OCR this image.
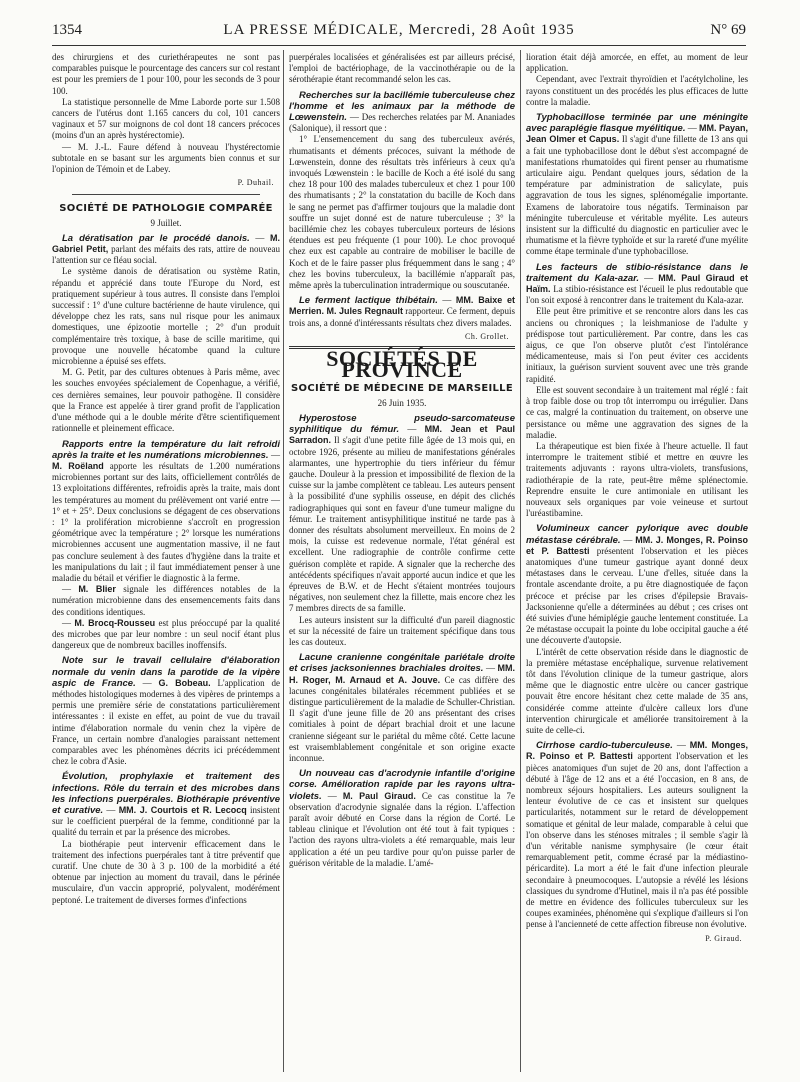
1354	LA PRESSE MÉDICALE, Mercredi, 28 Août 1935	N° 69

des chirurgiens et des curiethérapeutes ne sont pas comparables puisque le pourcentage des cancers sur col restant est pour les premiers de 1 pour 100, pour les seconds de 3 pour 100.

La statistique personnelle de Mme Laborde porte sur 1.508 cancers de l'utérus dont 1.165 cancers du col, 101 cancers vaginaux et 57 sur moignons de col dont 18 cancers précoces (moins d'un an après hystérectomie).

— M. J.-L. Faure défend à nouveau l'hystérectomie subtotale en se basant sur les arguments bien connus et sur l'opinion de Témoin et de Labey.

P. Duhail.
SOCIÉTÉ DE PATHOLOGIE COMPARÉE
9 Juillet.

La dératisation par le procédé danois. — M. Gabriel Petit, parlant des méfaits des rats, attire de nouveau l'attention sur ce fléau social.

Le système danois de dératisation ou système Ratin, répandu et apprécié dans toute l'Europe du Nord, est pratiquement supérieur à tous autres. Il consiste dans l'emploi successif : 1° d'une culture bactérienne de haute virulence, qui développe chez les rats, sans nul risque pour les animaux domestiques, une épizootie mortelle ; 2° d'un produit complémentaire très toxique, à base de scille maritime, qui provoque une nouvelle hécatombe quand la culture microbienne a épuisé ses effets.

M. G. Petit, par des cultures obtenues à Paris même, avec les souches envoyées spécialement de Copenhague, a vérifié, ces dernières semaines, leur pouvoir pathogène. Il considère que la France est appelée à tirer grand profit de l'application d'une méthode qui a le double mérite d'être scientifiquement rationnelle et pleinement efficace.

Rapports entre la température du lait refroidi après la traite et les numérations microbiennes. — M. Roëland apporte les résultats de 1.200 numérations microbiennes portant sur des laits, officiellement contrôlés de 13 exploitations différentes, refroidis après la traite, mais dont les températures au moment du prélèvement ont varié entre — 1° et + 25°. Deux conclusions se dégagent de ces observations : 1° la prolifération microbienne s'accroît en progression géométrique avec la température ; 2° lorsque les numérations microbiennes accusent une augmentation massive, il ne faut pas conclure seulement à des fautes d'hygiène dans la traite et les manipulations du lait ; il faut immédiatement penser à une maladie du bétail et vérifier le diagnostic à la ferme.

— M. Blier signale les différences notables de la numération microbienne dans des ensemencements faits dans des conditions identiques.

— M. Brocq-Rousseu est plus préoccupé par la qualité des microbes que par leur nombre : un seul nocif étant plus dangereux que de nombreux bacilles inoffensifs.

Note sur le travail cellulaire d'élaboration normale du venin dans la parotide de la vipère aspic de France. — G. Bobeau. L'application de méthodes histologiques modernes à des vipères de printemps a permis une première série de constatations particulièrement intéressantes : il existe en effet, au point de vue du travail intime d'élaboration normale du venin chez la vipère de France, un certain nombre d'analogies paraissant nettement comparables avec les phénomènes décrits ici précédemment chez le cobra d'Asie.

Évolution, prophylaxie et traitement des infections. Rôle du terrain et des microbes dans les infections puerpérales. Biothérapie préventive et curative. — MM. J. Courtois et R. Lecocq insistent sur le coefficient puerpéral de la femme, conditionné par la qualité du terrain et par la présence des microbes.

La biothérapie peut intervenir efficacement dans le traitement des infections puerpérales tant à titre préventif que curatif. Une chute de 30 à 3 p. 100 de la morbidité a été obtenue par injection au moment du travail, dans le périnée musculaire, d'un vaccin approprié, polyvalent, modérément peptoné. Le traitement de diverses formes d'infections

puerpérales localisées et généralisées est par ailleurs précisé, l'emploi de bactériophage, de la vaccinothérapie ou de la sérothérapie étant recommandé selon les cas.

Recherches sur la bacillémie tuberculeuse chez l'homme et les animaux par la méthode de Lœwenstein. — Des recherches relatées par M. Ananiades (Salonique), il ressort que :

1° L'ensemencement du sang des tuberculeux avérés, rhumatisants et déments précoces, suivant la méthode de Lœwenstein, donne des résultats très inférieurs à ceux qu'a invoqués Lœwenstein : le bacille de Koch a été isolé du sang chez 18 pour 100 des malades tuberculeux et chez 1 pour 100 des rhumatisants ; 2° la constatation du bacille de Koch dans le sang ne permet pas d'affirmer toujours que la maladie dont souffre un sujet donné est de nature tuberculeuse ; 3° la bacillémie chez les cobayes tuberculeux porteurs de lésions étendues est peu fréquente (1 pour 100). Le choc provoqué chez eux est capable au contraire de mobiliser le bacille de Koch et de le faire passer plus fréquemment dans le sang ; 4° chez les bovins tuberculeux, la bacillémie n'apparaît pas, même après la tuberculination intradermique ou souscutanée.

Le ferment lactique thibétain. — MM. Baixe et Merrien. M. Jules Regnault rapporteur. Ce ferment, depuis trois ans, a donné d'intéressants résultats chez divers malades.

Ch. Grollet.
SOCIÉTÉS DE PROVINCE
SOCIÉTÉ DE MÉDECINE DE MARSEILLE
26 Juin 1935.

Hyperostose pseudo-sarcomateuse syphilitique du fémur. — MM. Jean et Paul Sarradon. Il s'agit d'une petite fille âgée de 13 mois qui, en octobre 1926, présente au milieu de manifestations générales alarmantes, une hypertrophie du tiers inférieur du fémur gauche. Douleur à la pression et impossibilité de flexion de la cuisse sur la jambe complètent ce tableau. Les auteurs pensent à la possibilité d'une syphilis osseuse, en dépit des clichés radiographiques qui sont en faveur d'une tumeur maligne du fémur. Le traitement antisyphilitique institué ne tarde pas à donner des résultats absolument merveilleux. En moins de 2 mois, la cuisse est redevenue normale, l'état général est excellent. Une radiographie de contrôle confirme cette guérison complète et rapide. A signaler que la recherche des antécédents spécifiques n'avait apporté aucun indice et que les épreuves de B.W. et de Hecht s'étaient montrées toujours négatives, non seulement chez la fillette, mais encore chez les 7 membres directs de sa famille.

Les auteurs insistent sur la difficulté d'un pareil diagnostic et sur la nécessité de faire un traitement spécifique dans tous les cas douteux.

Lacune cranienne congénitale pariétale droite et crises jacksoniennes brachiales droites. — MM. H. Roger, M. Arnaud et A. Jouve. Ce cas diffère des lacunes congénitales bilatérales récemment publiées et se distingue particulièrement de la maladie de Schuller-Christian. Il s'agit d'une jeune fille de 20 ans présentant des crises comitiales à point de départ brachial droit et une lacune cranienne siégeant sur le pariétal du même côté. Cette lacune est vraisemblablement congénitale et son origine exacte inconnue.

Un nouveau cas d'acrodynie infantile d'origine corse. Amélioration rapide par les rayons ultra-violets. — M. Paul Giraud. Ce cas constitue la 7e observation d'acrodynie signalée dans la région. L'affection paraît avoir débuté en Corse dans la région de Corté. Le tableau clinique et l'évolution ont été tout à fait typiques : l'action des rayons ultra-violets a été remarquable, mais leur application a été un peu tardive pour qu'on puisse parler de guérison véritable de la maladie. L'amé-

lioration était déjà amorcée, en effet, au moment de leur application.

Cependant, avec l'extrait thyroïdien et l'acétylcholine, les rayons constituent un des procédés les plus efficaces de lutte contre la maladie.

Typhobacillose terminée par une méningite avec paraplégie flasque myélitique. — MM. Payan, Jean Olmer et Capus. Il s'agit d'une fillette de 13 ans qui a fait une typhobacillose dont le début s'est accompagné de manifestations rhumatoïdes qui firent penser au rhumatisme articulaire aigu. Pendant quelques jours, sédation de la température par administration de salicylate, puis aggravation de tous les signes, splénomégalie importante. Examens de laboratoire tous négatifs. Terminaison par méningite tuberculeuse et véritable myélite. Les auteurs insistent sur la difficulté du diagnostic en particulier avec le rhumatisme et la fièvre typhoïde et sur la rareté d'une myélite comme étape terminale d'une typhobacillose.

Les facteurs de stibio-résistance dans le traitement du Kala-azar. — MM. Paul Giraud et Haïm. La stibio-résistance est l'écueil le plus redoutable que l'on soit exposé à rencontrer dans le traitement du Kala-azar.

Elle peut être primitive et se rencontre alors dans les cas anciens ou chroniques ; la leishmaniose de l'adulte y prédispose tout particulièrement. Par contre, dans les cas aigus, ce que l'on observe plutôt c'est l'intolérance médicamenteuse, mais si l'on peut éviter ces accidents initiaux, la guérison survient souvent avec une très grande rapidité.

Elle est souvent secondaire à un traitement mal réglé : fait à trop faible dose ou trop tôt interrompu ou irrégulier. Dans ce cas, malgré la continuation du traitement, on observe une persistance ou même une aggravation des signes de la maladie.

La thérapeutique est bien fixée à l'heure actuelle. Il faut interrompre le traitement stibié et mettre en œuvre les traitements adjuvants : rayons ultra-violets, transfusions, radiothérapie de la rate, peut-être même splénectomie. Reprendre ensuite le cure antimoniale en utilisant les nouveaux sels organiques par voie veineuse et surtout l'uréastibamine.

Volumineux cancer pylorique avec double métastase cérébrale. — MM. J. Monges, R. Poinso et P. Battesti présentent l'observation et les pièces anatomiques d'une tumeur gastrique ayant donné deux métastases dans le cerveau. L'une d'elles, située dans la frontale ascendante droite, a pu être diagnostiquée de façon précoce et précise par les crises d'épilepsie Bravais-Jacksonienne qu'elle a déterminées au début ; ces crises ont été suivies d'une hémiplégie gauche lentement constituée. La 2e métastase occupait la pointe du lobe occipital gauche a été une découverte d'autopsie.

L'intérêt de cette observation réside dans le diagnostic de la première métastase encéphalique, survenue relativement tôt dans l'évolution clinique de la tumeur gastrique, alors même que le diagnostic entre ulcère ou cancer gastrique pouvait être encore hésitant chez cette malade de 35 ans, considérée comme atteinte d'ulcère calleux lors d'une intervention chirurgicale et améliorée transitoirement à la suite de celle-ci.

Cirrhose cardio-tuberculeuse. — MM. Monges, R. Poinso et P. Battesti apportent l'observation et les pièces anatomiques d'un sujet de 20 ans, dont l'affection a débuté à l'âge de 12 ans et a été l'occasion, en 8 ans, de nombreux séjours hospitaliers. Les auteurs soulignent la lenteur évolutive de ce cas et insistent sur quelques particularités, notamment sur le retard de développement somatique et génital de leur malade, comparable à celui que l'on observe dans les sténoses mitrales ; il semble s'agir là d'un véritable nanisme symphysaire (le cœur était remarquablement petit, comme écrasé par la médiastino-péricardite). La mort a été le fait d'une infection pleurale secondaire à pneumocoques. L'autopsie a révélé les lésions classiques du syndrome d'Hutinel, mais il n'a pas été possible de mettre en évidence des follicules tuberculeux sur les coupes examinées, phénomène qui s'explique d'ailleurs si l'on pense à l'ancienneté de cette affection fibreuse non évolutive.

P. Giraud.
